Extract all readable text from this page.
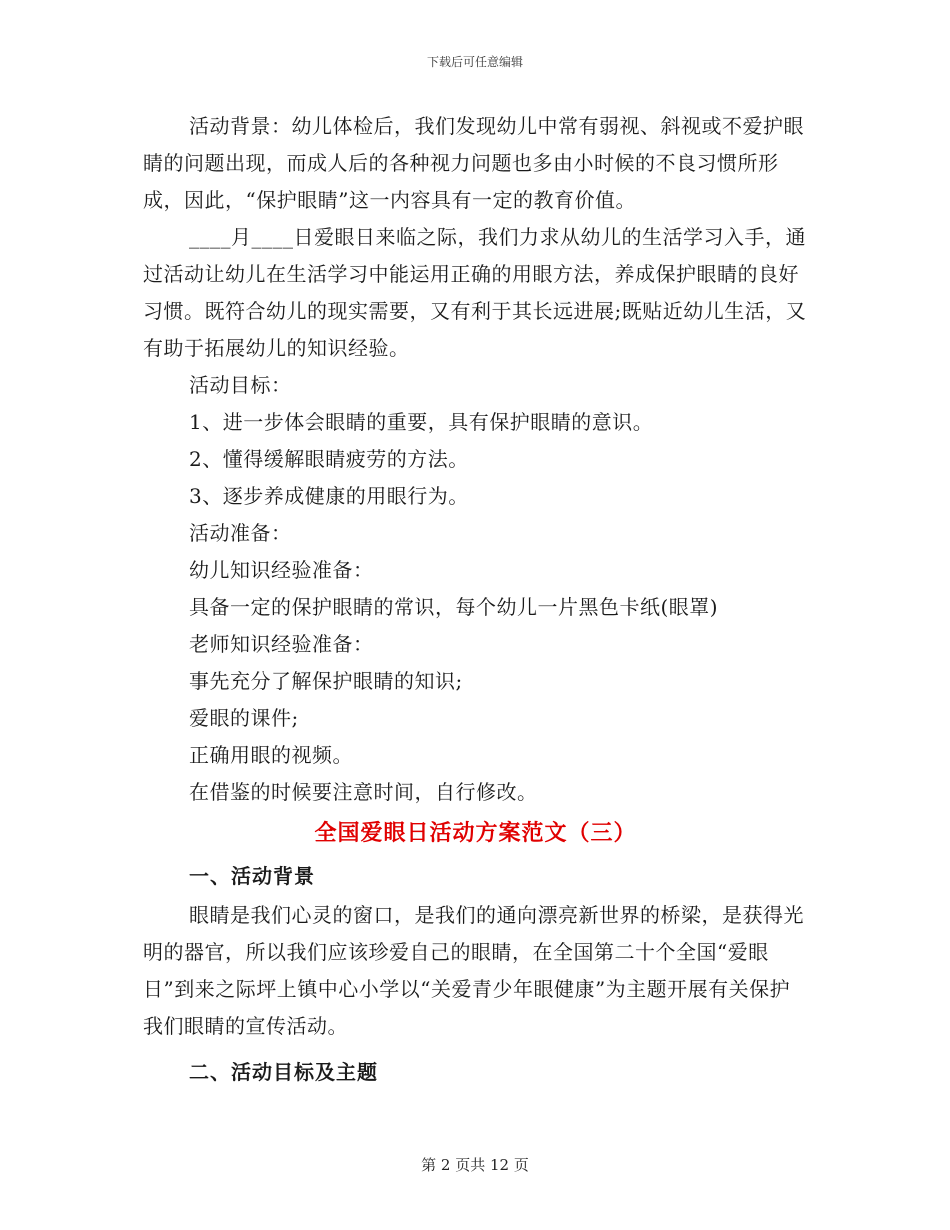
下载后可任意编辑

活动背景：幼儿体检后，我们发现幼儿中常有弱视、斜视或不爱护眼睛的问题出现，而成人后的各种视力问题也多由小时候的不良习惯所形成，因此，“保护眼睛”这一内容具有一定的教育价值。

____月____日爱眼日来临之际，我们力求从幼儿的生活学习入手，通过活动让幼儿在生活学习中能运用正确的用眼方法，养成保护眼睛的良好习惯。既符合幼儿的现实需要，又有利于其长远进展;既贴近幼儿生活，又有助于拓展幼儿的知识经验。

活动目标：

1、进一步体会眼睛的重要，具有保护眼睛的意识。

2、懂得缓解眼睛疲劳的方法。

3、逐步养成健康的用眼行为。

活动准备：

幼儿知识经验准备：

具备一定的保护眼睛的常识，每个幼儿一片黑色卡纸(眼罩)

老师知识经验准备：

事先充分了解保护眼睛的知识;

爱眼的课件;

正确用眼的视频。

在借鉴的时候要注意时间，自行修改。

全国爱眼日活动方案范文（三）
一、活动背景

眼睛是我们心灵的窗口，是我们的通向漂亮新世界的桥梁，是获得光明的器官，所以我们应该珍爱自己的眼睛，在全国第二十个全国“爱眼日”到来之际坪上镇中心小学以“关爱青少年眼健康”为主题开展有关保护我们眼睛的宣传活动。

二、活动目标及主题
第 2 页共 12 页
